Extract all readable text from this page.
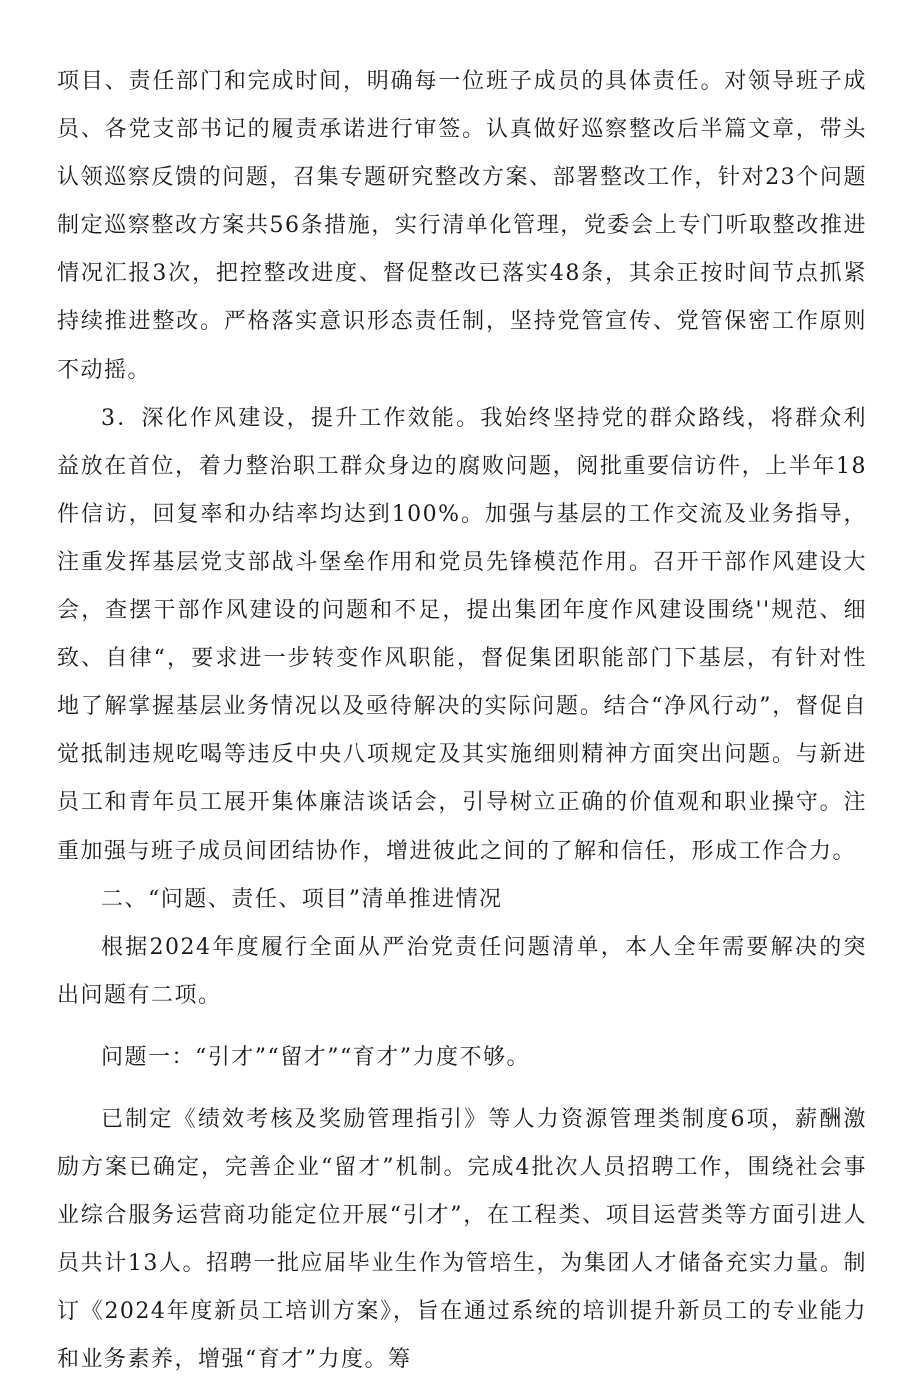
项目、责任部门和完成时间，明确每一位班子成员的具体责任。对领导班子成员、各党支部书记的履责承诺进行审签。认真做好巡察整改后半篇文章，带头认领巡察反馈的问题，召集专题研究整改方案、部署整改工作，针对23个问题制定巡察整改方案共56条措施，实行清单化管理，党委会上专门听取整改推进情况汇报3次，把控整改进度、督促整改已落实48条，其余正按时间节点抓紧持续推进整改。严格落实意识形态责任制，坚持党管宣传、党管保密工作原则不动摇。

3．深化作风建设，提升工作效能。我始终坚持党的群众路线，将群众利益放在首位，着力整治职工群众身边的腐败问题，阅批重要信访件，上半年18件信访，回复率和办结率均达到100%。加强与基层的工作交流及业务指导，注重发挥基层党支部战斗堡垒作用和党员先锋模范作用。召开干部作风建设大会，查摆干部作风建设的问题和不足，提出集团年度作风建设围绕''规范、细致、自律“，要求进一步转变作风职能，督促集团职能部门下基层，有针对性地了解掌握基层业务情况以及亟待解决的实际问题。结合“净风行动”，督促自觉抵制违规吃喝等违反中央八项规定及其实施细则精神方面突出问题。与新进员工和青年员工展开集体廉洁谈话会，引导树立正确的价值观和职业操守。注重加强与班子成员间团结协作，增进彼此之间的了解和信任，形成工作合力。

二、“问题、责任、项目”清单推进情况

根据2024年度履行全面从严治党责任问题清单，本人全年需要解决的突出问题有二项。

问题一：“引才”“留才”“育才”力度不够。

已制定《绩效考核及奖励管理指引》等人力资源管理类制度6项，薪酬激励方案已确定，完善企业“留才”机制。完成4批次人员招聘工作，围绕社会事业综合服务运营商功能定位开展“引才”，在工程类、项目运营类等方面引进人员共计13人。招聘一批应届毕业生作为管培生，为集团人才储备充实力量。制订《2024年度新员工培训方案》，旨在通过系统的培训提升新员工的专业能力和业务素养，增强“育才”力度。筹
